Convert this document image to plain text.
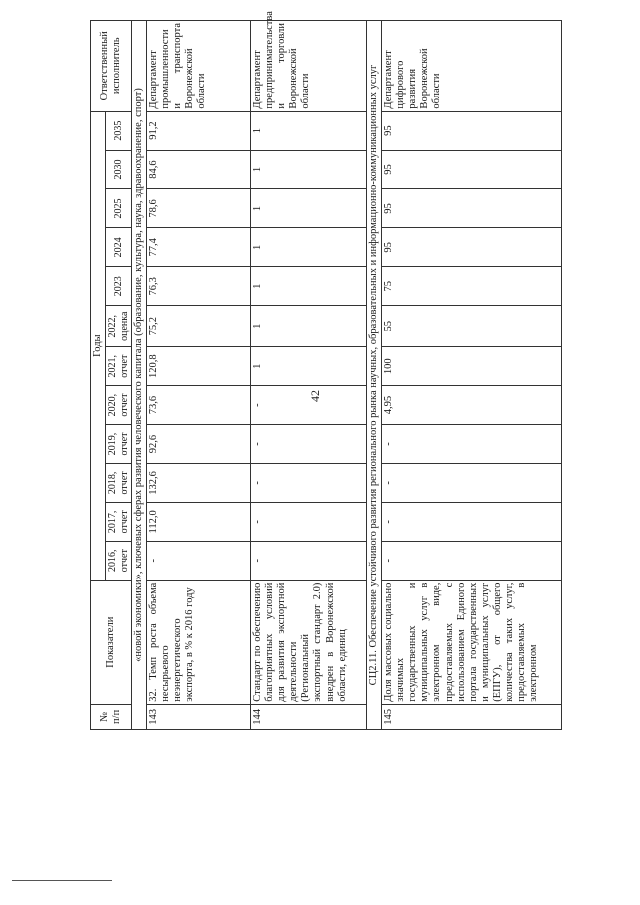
42
№ п/п	Показатели	Годы												Ответственный исполнитель
		2016, отчет	2017, отчет	2018, отчет	2019, отчет	2020, отчет	2021, отчет	2022, оценка	2023	2024	2025	2030	2035	
«новой экономики», ключевых сферах развития человеческого капитала (образование, культура, наука, здравоохранение, спорт)														
143	32. Темп роста объема несырьевого неэнергетического экспорта, в % к 2016 году	-	112,0	132,6	92,6	73,6	120,8	75,2	76,3	77,4	78,6	84,6	91,2	Департамент промышленности и транспорта Воронежской области
144	Стандарт по обеспечению благоприятных условий для развития экспортной деятельности (Региональный экспортный стандарт 2.0) внедрен в Воронежской области, единиц	-	-	-	-	-	1	1	1	1	1	1	1	Департамент предпринимательства и торговли Воронежской области
СЦ2.11. Обеспечение устойчивого развития регионального рынка научных, образовательных и информационно-коммуникационных услуг														
145	Доля массовых социально значимых государственных и муниципальных услуг в электронном виде, предоставляемых с использованием Единого портала государственных и муниципальных услуг (ЕПГУ), от общего количества таких услуг, предоставляемых в электронном	-	-	-	-	4,95	100	55	75	95	95	95	95	Департамент цифрового развития Воронежской области
